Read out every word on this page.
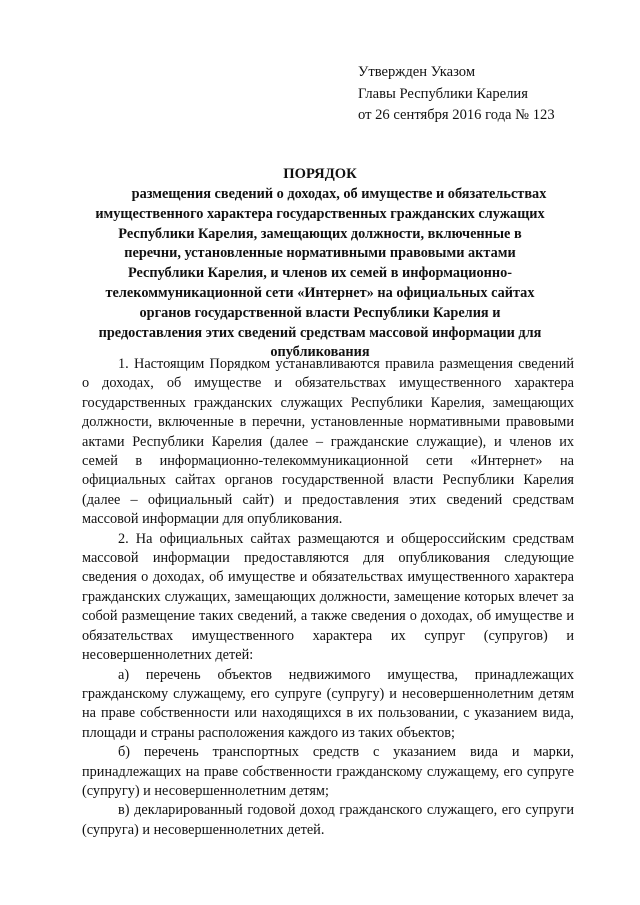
Утвержден Указом
Главы Республики Карелия
от 26 сентября 2016 года № 123
ПОРЯДОК
размещения сведений о доходах, об имуществе и обязательствах
имущественного характера государственных гражданских служащих
Республики Карелия, замещающих должности, включенные в
перечни, установленные нормативными правовыми актами
Республики Карелия, и членов их семей в информационно-
телекоммуникационной сети «Интернет» на официальных сайтах
органов государственной власти Республики Карелия и
предоставления этих сведений средствам массовой информации для
опубликования

1. Настоящим Порядком устанавливаются правила размещения сведений о доходах, об имуществе и обязательствах имущественного характера государственных гражданских служащих Республики Карелия, замещающих должности, включенные в перечни, установленные нормативными правовыми актами Республики Карелия (далее – гражданские служащие), и членов их семей в информационно-телекоммуникационной сети «Интернет» на официальных сайтах органов государственной власти Республики Карелия (далее – официальный сайт) и предоставления этих сведений средствам массовой информации для опубликования.

2. На официальных сайтах размещаются и общероссийским средствам массовой информации предоставляются для опубликования следующие сведения о доходах, об имуществе и обязательствах имущественного характера гражданских служащих, замещающих должности, замещение которых влечет за собой размещение таких сведений, а также сведения о доходах, об имуществе и обязательствах имущественного характера их супруг (супругов) и несовершеннолетних детей:

а) перечень объектов недвижимого имущества, принадлежащих гражданскому служащему, его супруге (супругу) и несовершеннолетним детям на праве собственности или находящихся в их пользовании, с указанием вида, площади и страны расположения каждого из таких объектов;

б) перечень транспортных средств с указанием вида и марки, принадлежащих на праве собственности гражданскому служащему, его супруге (супругу) и несовершеннолетним детям;

в) декларированный годовой доход гражданского служащего, его супруги (супруга) и несовершеннолетних детей.
